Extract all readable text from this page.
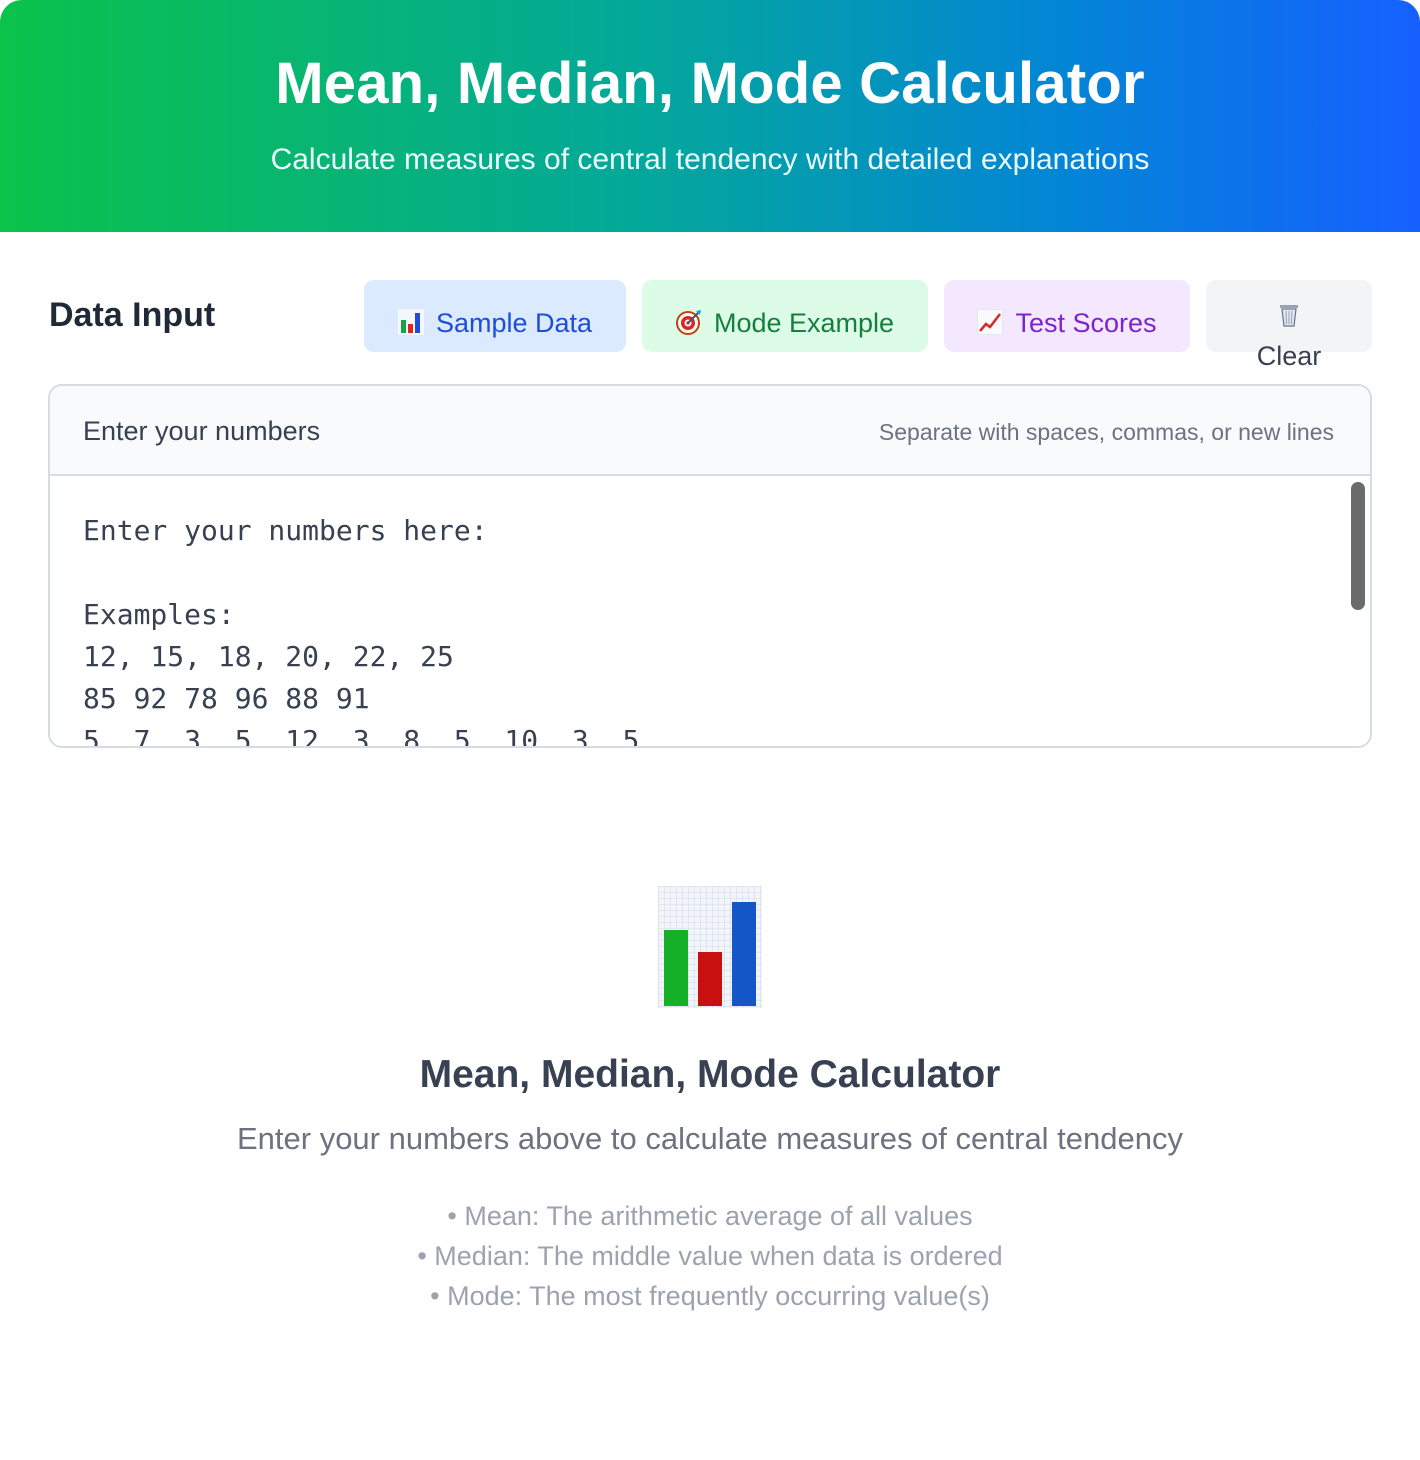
Mean, Median, Mode Calculator

Calculate measures of central tendency with detailed explanations

Data Input	Sample Data	Mode Example	Test Scores

Clear
Enter your numbers	Separate with spaces, commas, or new lines
Enter your numbers here: Examples: 12, 15, 18, 20, 22, 25 85 92 78 96 88 91 5, 7, 3, 5, 12, 3, 8, 5, 10, 3, 5
Mean, Median, Mode Calculator

Enter your numbers above to calculate measures of central tendency

• Mean: The arithmetic average of all values
• Median: The middle value when data is ordered
• Mode: The most frequently occurring value(s)
